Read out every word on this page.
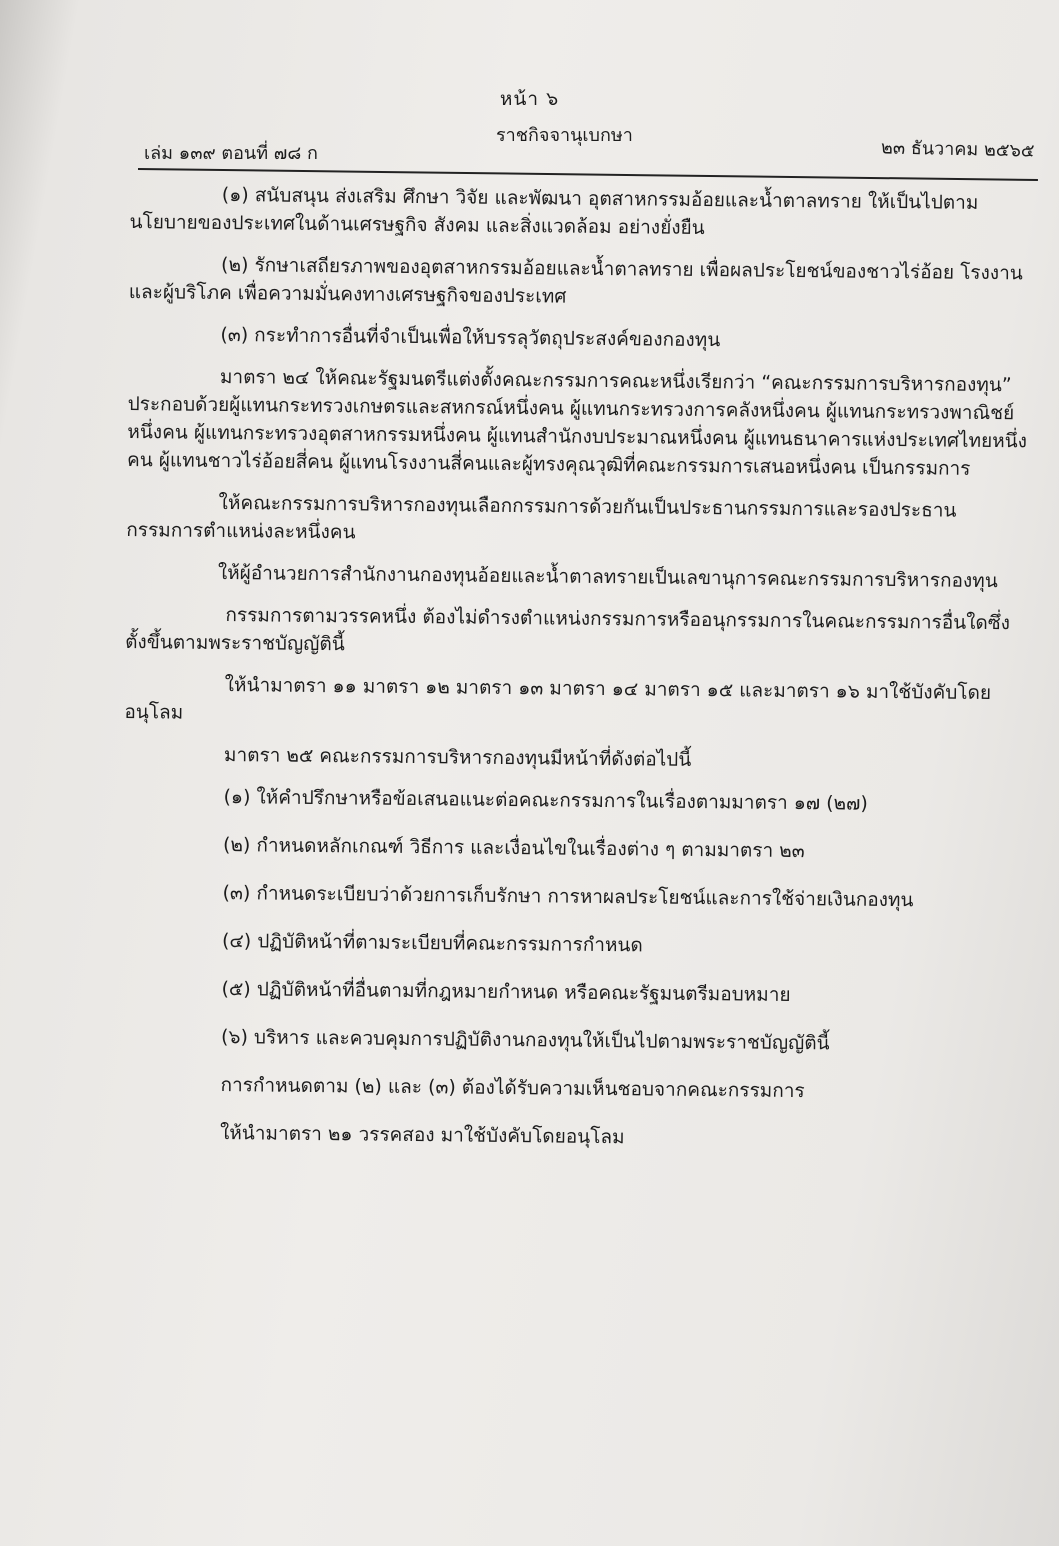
หน้า ๖
เล่ม ๑๓๙ ตอนที่ ๗๘ ก
ราชกิจจานุเบกษา
๒๓ ธันวาคม ๒๕๖๕

(๑) สนับสนุน ส่งเสริม ศึกษา วิจัย และพัฒนา อุตสาหกรรมอ้อยและน้ำตาลทราย ให้เป็นไปตามนโยบายของประเทศในด้านเศรษฐกิจ สังคม และสิ่งแวดล้อม อย่างยั่งยืน

(๒) รักษาเสถียรภาพของอุตสาหกรรมอ้อยและน้ำตาลทราย เพื่อผลประโยชน์ของชาวไร่อ้อย โรงงาน และผู้บริโภค เพื่อความมั่นคงทางเศรษฐกิจของประเทศ

(๓) กระทำการอื่นที่จำเป็นเพื่อให้บรรลุวัตถุประสงค์ของกองทุน

มาตรา ๒๔ ให้คณะรัฐมนตรีแต่งตั้งคณะกรรมการคณะหนึ่งเรียกว่า “คณะกรรมการบริหารกองทุน” ประกอบด้วยผู้แทนกระทรวงเกษตรและสหกรณ์หนึ่งคน ผู้แทนกระทรวงการคลังหนึ่งคน ผู้แทนกระทรวงพาณิชย์หนึ่งคน ผู้แทนกระทรวงอุตสาหกรรมหนึ่งคน ผู้แทนสำนักงบประมาณหนึ่งคน ผู้แทนธนาคารแห่งประเทศไทยหนึ่งคน ผู้แทนชาวไร่อ้อยสี่คน ผู้แทนโรงงานสี่คนและผู้ทรงคุณวุฒิที่คณะกรรมการเสนอหนึ่งคน เป็นกรรมการ

ให้คณะกรรมการบริหารกองทุนเลือกกรรมการด้วยกันเป็นประธานกรรมการและรองประธานกรรมการตำแหน่งละหนึ่งคน

ให้ผู้อำนวยการสำนักงานกองทุนอ้อยและน้ำตาลทรายเป็นเลขานุการคณะกรรมการบริหารกองทุน

กรรมการตามวรรคหนึ่ง ต้องไม่ดำรงตำแหน่งกรรมการหรืออนุกรรมการในคณะกรรมการอื่นใดซึ่งตั้งขึ้นตามพระราชบัญญัตินี้

ให้นำมาตรา ๑๑ มาตรา ๑๒ มาตรา ๑๓ มาตรา ๑๔ มาตรา ๑๕ และมาตรา ๑๖ มาใช้บังคับโดยอนุโลม

มาตรา ๒๕ คณะกรรมการบริหารกองทุนมีหน้าที่ดังต่อไปนี้

(๑) ให้คำปรึกษาหรือข้อเสนอแนะต่อคณะกรรมการในเรื่องตามมาตรา ๑๗ (๒๗)
(๒) กำหนดหลักเกณฑ์ วิธีการ และเงื่อนไขในเรื่องต่าง ๆ ตามมาตรา ๒๓
(๓) กำหนดระเบียบว่าด้วยการเก็บรักษา การหาผลประโยชน์และการใช้จ่ายเงินกองทุน
(๔) ปฏิบัติหน้าที่ตามระเบียบที่คณะกรรมการกำหนด
(๕) ปฏิบัติหน้าที่อื่นตามที่กฎหมายกำหนด หรือคณะรัฐมนตรีมอบหมาย
(๖) บริหาร และควบคุมการปฏิบัติงานกองทุนให้เป็นไปตามพระราชบัญญัตินี้
การกำหนดตาม (๒) และ (๓) ต้องได้รับความเห็นชอบจากคณะกรรมการ
ให้นำมาตรา ๒๑ วรรคสอง มาใช้บังคับโดยอนุโลม
